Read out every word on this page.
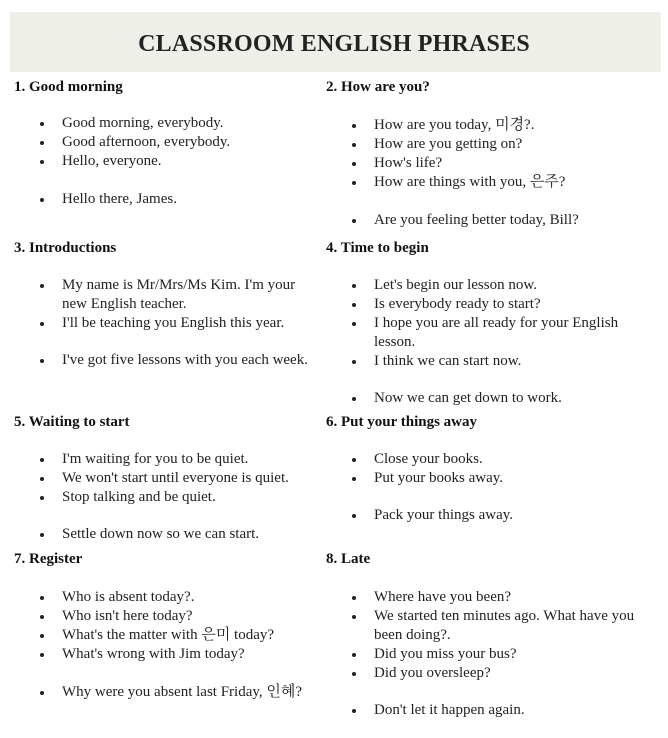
CLASSROOM ENGLISH PHRASES
1. Good morning
Good morning, everybody.
Good afternoon, everybody.
Hello, everyone.
Hello there, James.
2. How are you?
How are you today, 미경?.
How are you getting on?
How's life?
How are things with you, 은주?
Are you feeling better today, Bill?
3. Introductions
My name is Mr/Mrs/Ms Kim. I'm your new English teacher.
I'll be teaching you English this year.
I've got five lessons with you each week.
4. Time to begin
Let's begin our lesson now.
Is everybody ready to start?
I hope you are all ready for your English lesson.
I think we can start now.
Now we can get down to work.
5. Waiting to start
I'm waiting for you to be quiet.
We won't start until everyone is quiet.
Stop talking and be quiet.
Settle down now so we can start.
6. Put your things away
Close your books.
Put your books away.
Pack your things away.
7. Register
Who is absent today?.
Who isn't here today?
What's the matter with 은미 today?
What's wrong with Jim today?
Why were you absent last Friday, 인혜?
8. Late
Where have you been?
We started ten minutes ago. What have you been doing?.
Did you miss your bus?
Did you oversleep?
Don't let it happen again.
